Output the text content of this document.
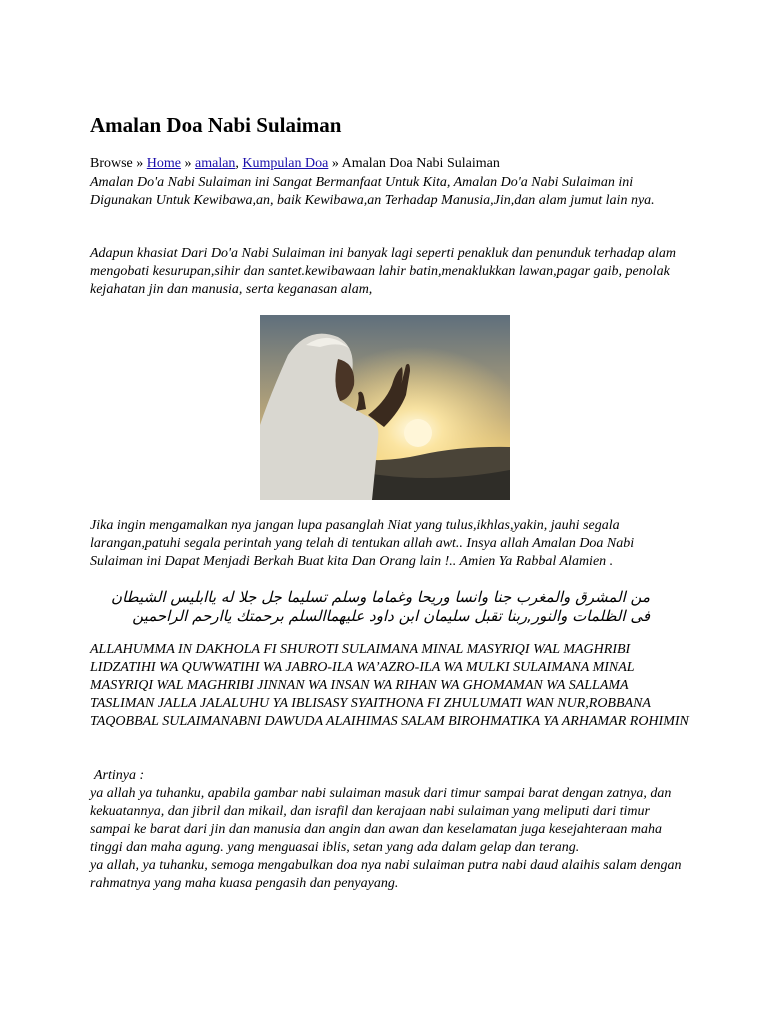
Amalan Doa Nabi Sulaiman
Browse » Home » amalan, Kumpulan Doa » Amalan Doa Nabi Sulaiman

Amalan Do'a Nabi Sulaiman ini Sangat Bermanfaat Untuk Kita, Amalan Do'a Nabi Sulaiman ini Digunakan Untuk Kewibawa,an, baik Kewibawa,an Terhadap Manusia,Jin,dan alam jumut lain nya.

Adapun khasiat Dari Do'a Nabi Sulaiman ini banyak lagi seperti penakluk dan penunduk terhadap alam mengobati kesurupan,sihir dan santet.kewibawaan lahir batin,menaklukkan lawan,pagar gaib, penolak kejahatan jin dan manusia, serta keganasan alam,

Jika ingin mengamalkan nya jangan lupa pasanglah Niat yang tulus,ikhlas,yakin, jauhi segala larangan,patuhi segala perintah yang telah di tentukan allah awt.. Insya allah Amalan Doa Nabi Sulaiman ini Dapat Menjadi Berkah Buat kita Dan Orang lain !.. Amien Ya Rabbal Alamien .

من المشرق والمغرب جنا وانسا وريحا وغماما وسلم تسليما جل جلا له ياابليس الشيطان فى الظلمات والنور,ربنا تقبل سليمان ابن داود عليهماالسلم برحمتك ياارحم الراحمين
ALLAHUMMA IN DAKHOLA FI SHUROTI SULAIMANA MINAL MASYRIQI WAL MAGHRIBI LIDZATIHI WA QUWWATIHI WA JABRO-ILA WA’AZRO-ILA WA MULKI SULAIMANA MINAL MASYRIQI WAL MAGHRIBI JINNAN WA INSAN WA RIHAN WA GHOMAMAN WA SALLAMA TASLIMAN JALLA JALALUHU YA IBLISASY SYAITHONA FI ZHULUMATI WAN NUR,ROBBANA TAQOBBAL SULAIMANABNI DAWUDA ALAIHIMAS SALAM BIROHMATIKA YA ARHAMAR ROHIMIN

Artinya :

ya allah ya tuhanku, apabila gambar nabi sulaiman masuk dari timur sampai barat dengan zatnya, dan kekuatannya, dan jibril dan mikail, dan israfil dan kerajaan nabi sulaiman yang meliputi dari timur sampai ke barat dari jin dan manusia dan angin dan awan dan keselamatan juga kesejahteraan maha tinggi dan maha agung. yang menguasai iblis, setan yang ada dalam gelap dan terang.

ya allah, ya tuhanku, semoga mengabulkan doa nya nabi sulaiman putra nabi daud alaihis salam dengan rahmatnya yang maha kuasa pengasih dan penyayang.
